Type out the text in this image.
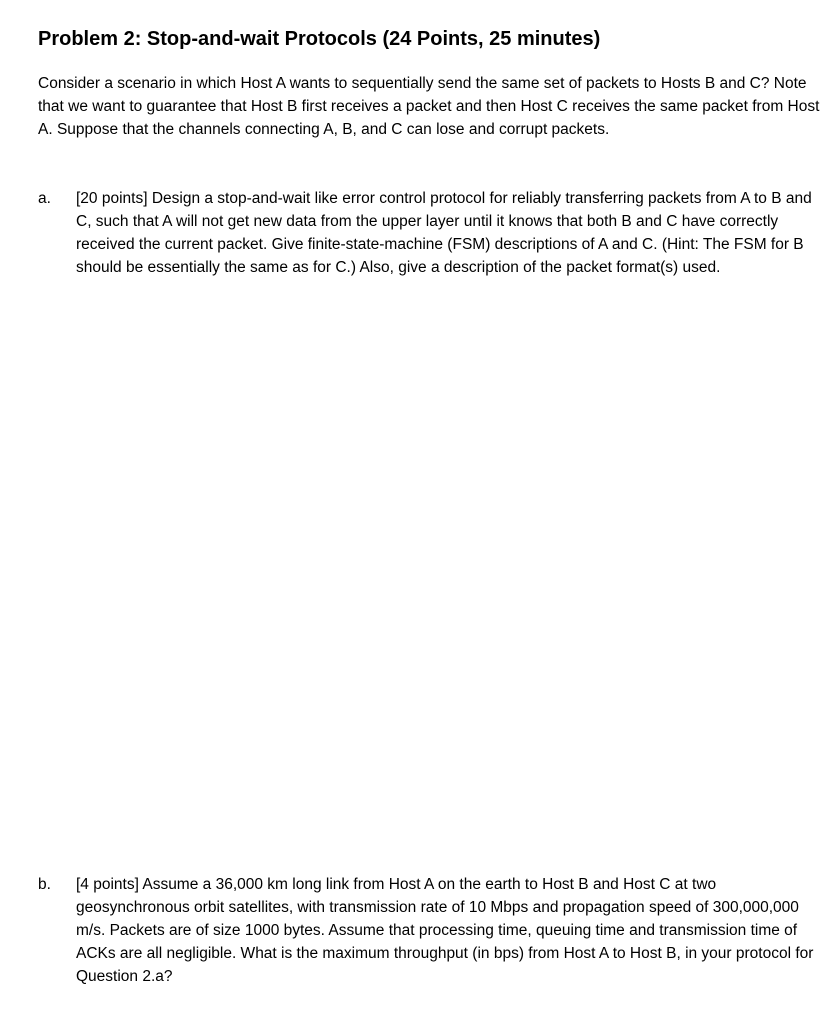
Problem 2: Stop-and-wait Protocols (24 Points, 25 minutes)

Consider a scenario in which Host A wants to sequentially send the same set of packets to Hosts B and C? Note that we want to guarantee that Host B first receives a packet and then Host C receives the same packet from Host A. Suppose that the channels connecting A, B, and C can lose and corrupt packets.

a.	[20 points] Design a stop-and-wait like error control protocol for reliably transferring packets from A to B and C, such that A will not get new data from the upper layer until it knows that both B and C have correctly received the current packet. Give finite-state-machine (FSM) descriptions of A and C. (Hint: The FSM for B should be essentially the same as for C.) Also, give a description of the packet format(s) used.

b.	[4 points] Assume a 36,000 km long link from Host A on the earth to Host B and Host C at two geosynchronous orbit satellites, with transmission rate of 10 Mbps and propagation speed of 300,000,000 m/s. Packets are of size 1000 bytes. Assume that processing time, queuing time and transmission time of ACKs are all negligible. What is the maximum throughput (in bps) from Host A to Host B, in your protocol for Question 2.a?
